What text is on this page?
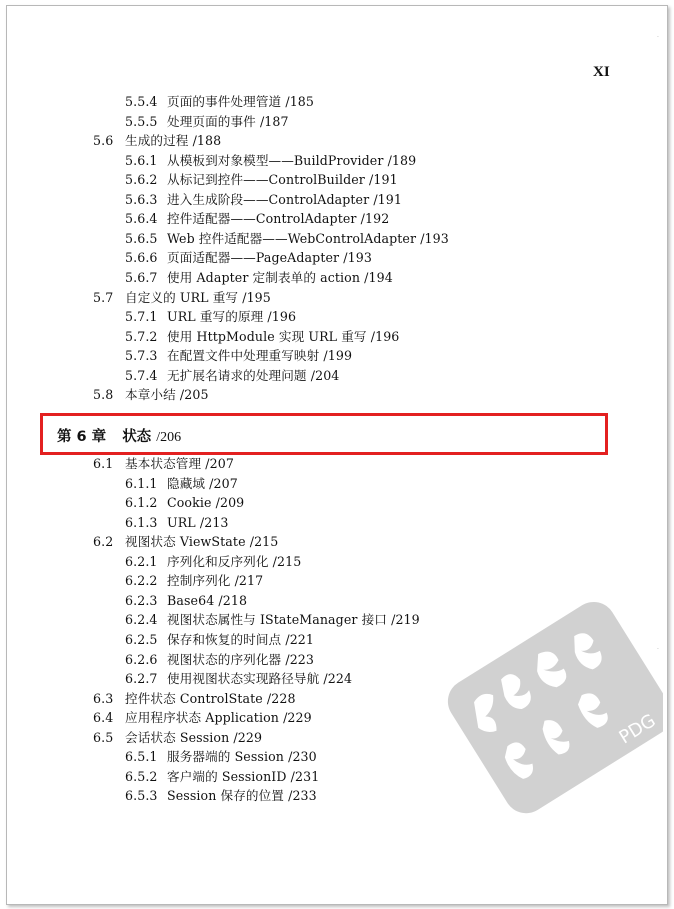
XI
5.5.4 页面的事件处理管道 /185
5.5.5 处理页面的事件 /187
5.6 生成的过程 /188
5.6.1 从模板到对象模型——BuildProvider /189
5.6.2 从标记到控件——ControlBuilder /191
5.6.3 进入生成阶段——ControlAdapter /191
5.6.4 控件适配器——ControlAdapter /192
5.6.5 Web 控件适配器——WebControlAdapter /193
5.6.6 页面适配器——PageAdapter /193
5.6.7 使用 Adapter 定制表单的 action /194
5.7 自定义的 URL 重写 /195
5.7.1 URL 重写的原理 /196
5.7.2 使用 HttpModule 实现 URL 重写 /196
5.7.3 在配置文件中处理重写映射 /199
5.7.4 无扩展名请求的处理问题 /204
5.8 本章小结 /205
第 6 章 状态 /206
6.1 基本状态管理 /207
6.1.1 隐藏域 /207
6.1.2 Cookie /209
6.1.3 URL /213
6.2 视图状态 ViewState /215
6.2.1 序列化和反序列化 /215
6.2.2 控制序列化 /217
6.2.3 Base64 /218
6.2.4 视图状态属性与 IStateManager 接口 /219
6.2.5 保存和恢复的时间点 /221
6.2.6 视图状态的序列化器 /223
6.2.7 使用视图状态实现路径导航 /224
6.3 控件状态 ControlState /228
6.4 应用程序状态 Application /229
6.5 会话状态 Session /229
6.5.1 服务器端的 Session /230
6.5.2 客户端的 SessionID /231
6.5.3 Session 保存的位置 /233
PDG
·
·
